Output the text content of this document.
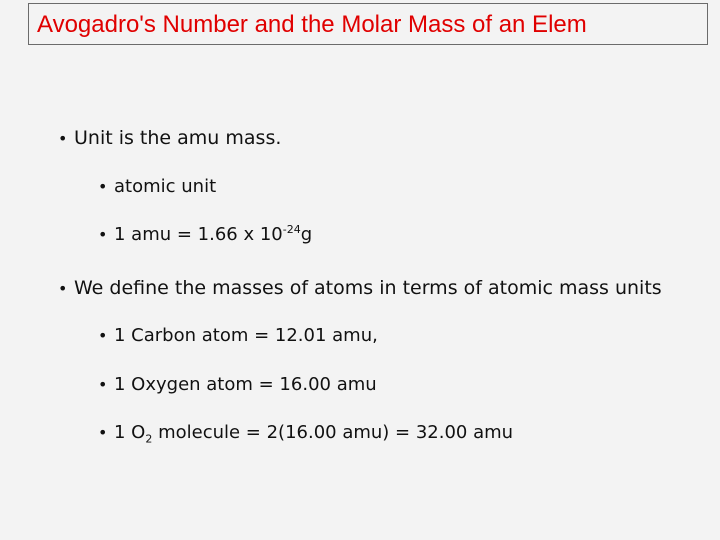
Avogadro's Number and the Molar Mass of an Elem
• Unit is the amu mass.
• atomic unit
• 1 amu = 1.66 x $10^{-24}g$
• We define the masses of atoms in terms of atomic mass units
• 1 Carbon atom = 12.01 amu,
• 1 Oxygen atom = 16.00 amu
• 1 $O_2$ molecule = 2(16.00 amu) = 32.00 amu
